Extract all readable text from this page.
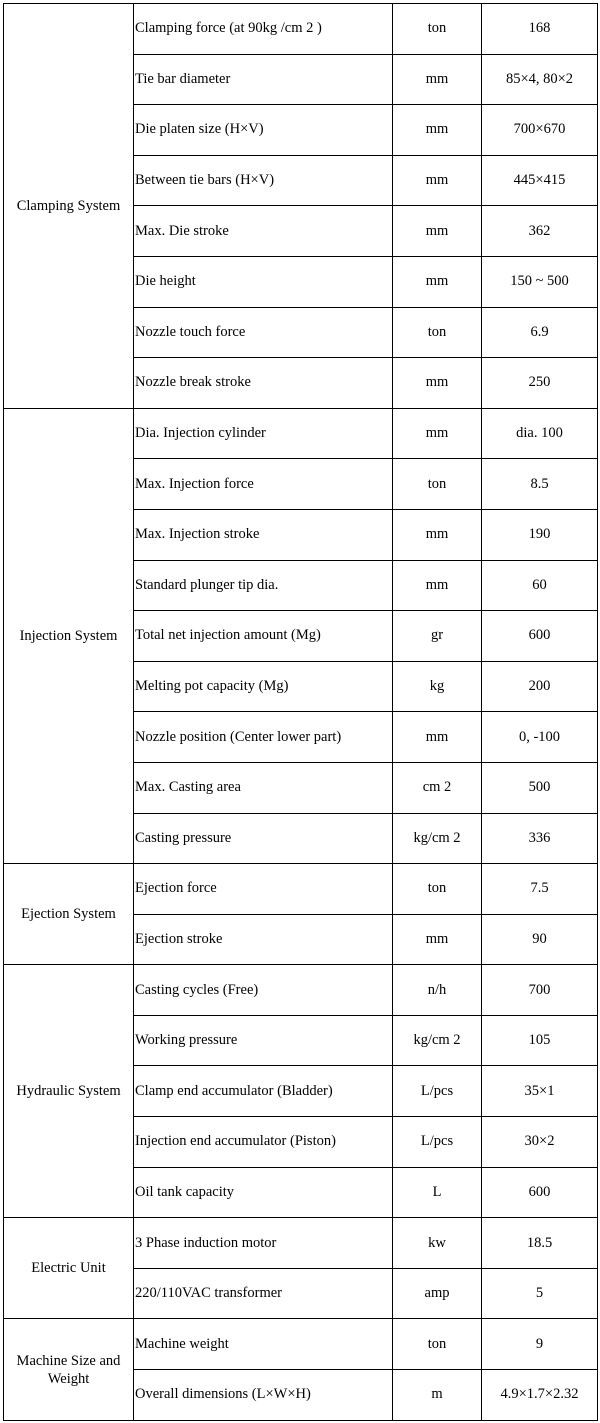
Clamping System	Clamping force (at 90kg /cm 2 )	ton	168
	Tie bar diameter	mm	85×4, 80×2
	Die platen size (H×V)	mm	700×670
	Between tie bars (H×V)	mm	445×415
	Max. Die stroke	mm	362
	Die height	mm	150 ~ 500
	Nozzle touch force	ton	6.9
	Nozzle break stroke	mm	250
Injection System	Dia. Injection cylinder	mm	dia. 100
	Max. Injection force	ton	8.5
	Max. Injection stroke	mm	190
	Standard plunger tip dia.	mm	60
	Total net injection amount (Mg)	gr	600
	Melting pot capacity (Mg)	kg	200
	Nozzle position (Center lower part)	mm	0, -100
	Max. Casting area	cm 2	500
	Casting pressure	kg/cm 2	336
Ejection System	Ejection force	ton	7.5
	Ejection stroke	mm	90
Hydraulic System	Casting cycles (Free)	n/h	700
	Working pressure	kg/cm 2	105
	Clamp end accumulator (Bladder)	L/pcs	35×1
	Injection end accumulator (Piston)	L/pcs	30×2
	Oil tank capacity	L	600
Electric Unit	3 Phase induction motor	kw	18.5
	220/110VAC transformer	amp	5
Machine Size and Weight	Machine weight	ton	9
	Overall dimensions (L×W×H)	m	4.9×1.7×2.32
